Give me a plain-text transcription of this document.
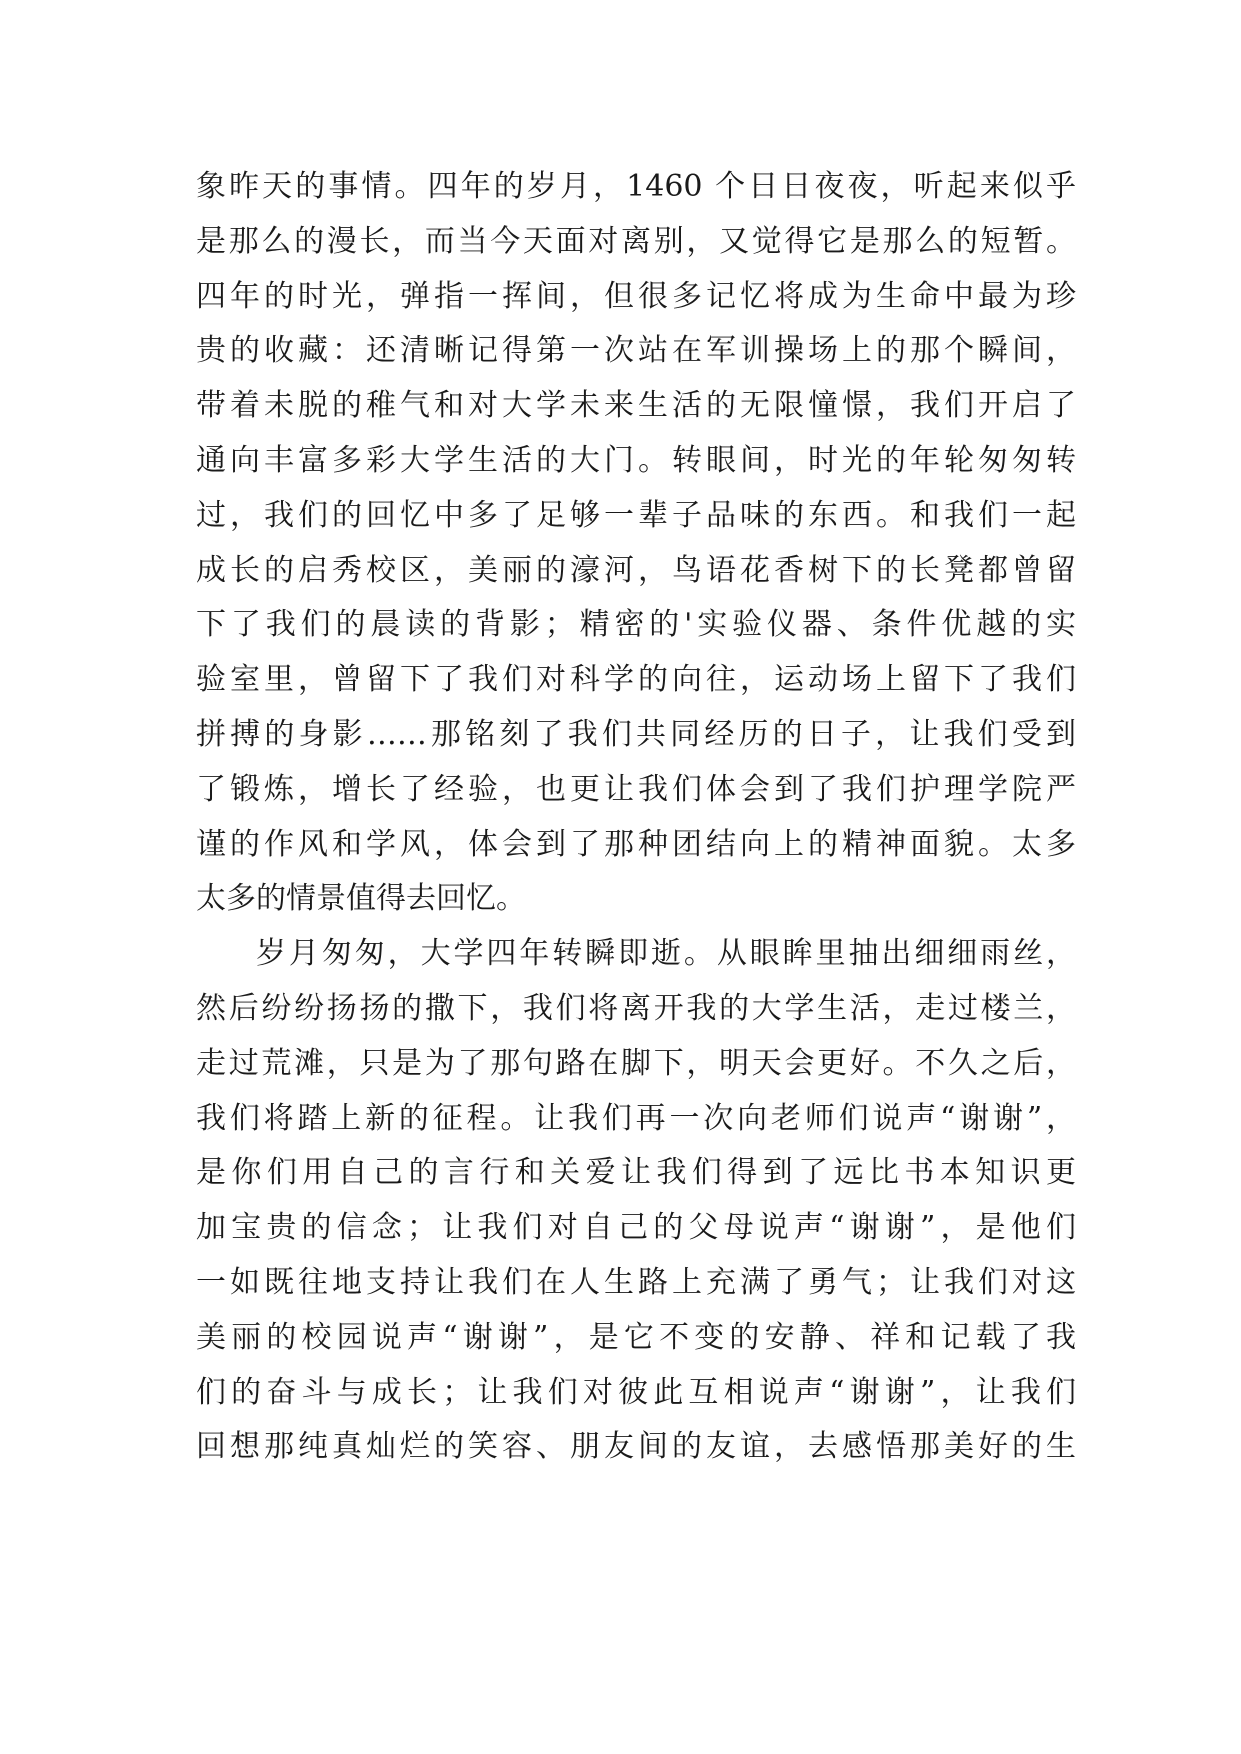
象昨天的事情。四年的岁月，1460 个日日夜夜，听起来似乎
是那么的漫长，而当今天面对离别，又觉得它是那么的短暂。
四年的时光，弹指一挥间，但很多记忆将成为生命中最为珍
贵的收藏：还清晰记得第一次站在军训操场上的那个瞬间，
带着未脱的稚气和对大学未来生活的无限憧憬，我们开启了
通向丰富多彩大学生活的大门。转眼间，时光的年轮匆匆转
过，我们的回忆中多了足够一辈子品味的东西。和我们一起
成长的启秀校区，美丽的濠河，鸟语花香树下的长凳都曾留
下了我们的晨读的背影；精密的'实验仪器、条件优越的实
验室里，曾留下了我们对科学的向往，运动场上留下了我们
拼搏的身影……那铭刻了我们共同经历的日子，让我们受到
了锻炼，增长了经验，也更让我们体会到了我们护理学院严
谨的作风和学风，体会到了那种团结向上的精神面貌。太多
太多的情景值得去回忆。
岁月匆匆，大学四年转瞬即逝。从眼眸里抽出细细雨丝，
然后纷纷扬扬的撒下，我们将离开我的大学生活，走过楼兰，
走过荒滩，只是为了那句路在脚下，明天会更好。不久之后，
我们将踏上新的征程。让我们再一次向老师们说声“谢谢”，
是你们用自己的言行和关爱让我们得到了远比书本知识更
加宝贵的信念；让我们对自己的父母说声“谢谢”，是他们
一如既往地支持让我们在人生路上充满了勇气；让我们对这
美丽的校园说声“谢谢”，是它不变的安静、祥和记载了我
们的奋斗与成长；让我们对彼此互相说声“谢谢”，让我们
回想那纯真灿烂的笑容、朋友间的友谊，去感悟那美好的生
